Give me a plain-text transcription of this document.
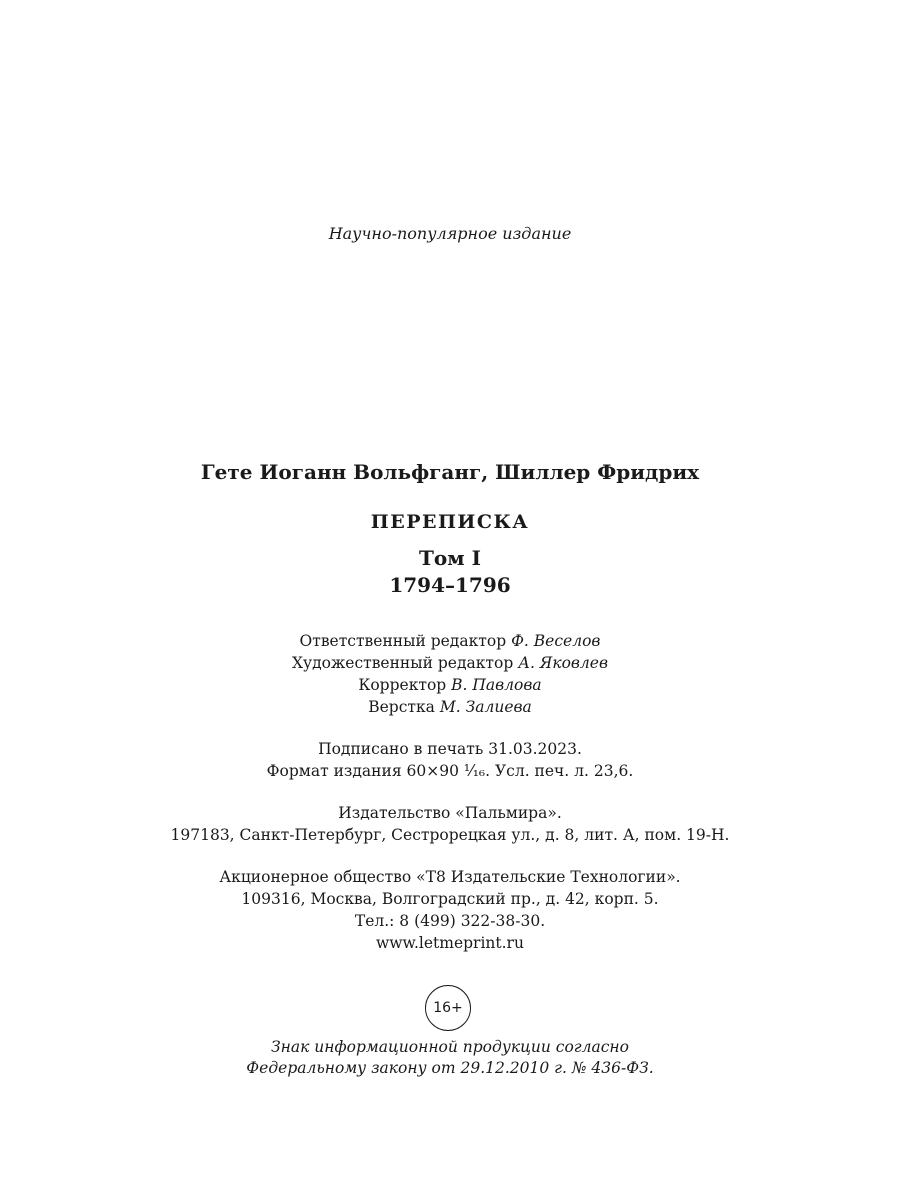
Научно-популярное издание
Гете Иоганн Вольфганг, Шиллер Фридрих
ПЕРЕПИСКА
Том I
1794–1796
Ответственный редактор Ф. Веселов
Художественный редактор А. Яковлев
Корректор В. Павлова
Верстка М. Залиева
Подписано в печать 31.03.2023.
Формат издания 60×90 ¹⁄₁₆. Усл. печ. л. 23,6.
Издательство «Пальмира».
197183, Санкт-Петербург, Сестрорецкая ул., д. 8, лит. А, пом. 19-Н.
Акционерное общество «Т8 Издательские Технологии».
109316, Москва, Волгоградский пр., д. 42, корп. 5.
Тел.: 8 (499) 322-38-30.
www.letmeprint.ru
16+
Знак информационной продукции согласно
Федеральному закону от 29.12.2010 г. № 436-ФЗ.
